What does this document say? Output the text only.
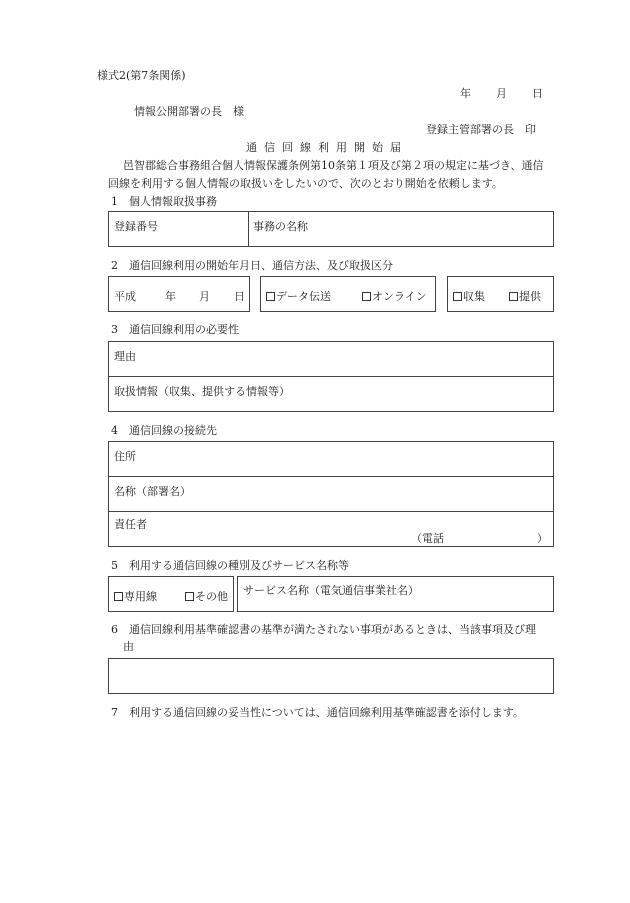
様式2(第7条関係)
年 月 日
情報公開部署の長　様
登録主管部署の長　印
通信回線利用開始届
邑智郡総合事務組合個人情報保護条例第10条第１項及び第２項の規定に基づき、通信
回線を利用する個人情報の取扱いをしたいので、次のとおり開始を依頼します。
1　個人情報取扱事務
登録番号	事務の名称
2　通信回線利用の開始年月日、通信方法、及び取扱区分
平成	年 月 日	データ伝送	オンライン	収集	提供
3　通信回線利用の必要性
理由
取扱情報（収集、提供する情報等）
4　通信回線の接続先
住所
名称（部署名）
責任者
（電話	）
5　利用する通信回線の種別及びサービス名称等
専用線	その他 サービス名称（電気通信事業社名）
6　通信回線利用基準確認書の基準が満たされない事項があるときは、当該事項及び理
由
7　利用する通信回線の妥当性については、通信回線利用基準確認書を添付します。
